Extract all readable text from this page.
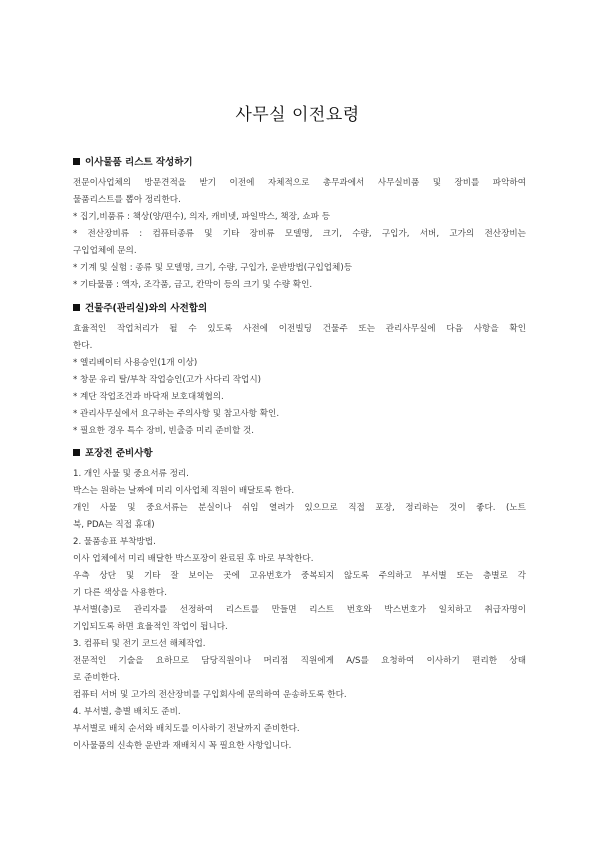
사무실 이전요령
이사물품 리스트 작성하기
전문이사업체의 방문견적을 받기 이전에 자체적으로 총무과에서 사무실비품 및 장비를 파악하여
물품리스트를 뽑아 정리한다.
* 집기,비품류 : 책상(양/편수), 의자, 캐비넷, 파일박스, 책장, 쇼파 등
* 전산장비류 : 컴퓨터종류 및 기타 장비류 모델명, 크기, 수량, 구입가, 서버, 고가의 전산장비는
구입업체에 문의.
* 기계 및 실험 : 종류 및 모델명, 크기, 수량, 구입가, 운반방법(구입업체)등
* 기타물품 : 액자, 조각품, 금고, 칸막이 등의 크기 및 수량 확인.
건물주(관리실)와의 사전합의
효율적인 작업처리가 될 수 있도록 사전에 이전빌딩 건물주 또는 관리사무실에 다음 사항을 확인
한다.
* 엘리베이터 사용승인(1개 이상)
* 창문 유리 탈/부착 작업승인(고가 사다리 작업시)
* 계단 작업조건과 바닥재 보호대책협의.
* 관리사무실에서 요구하는 주의사항 및 참고사항 확인.
* 필요한 경우 특수 장비, 빈출증 미리 준비할 것.
포장전 준비사항
1. 개인 사물 및 중요서류 정리.
박스는 원하는 날짜에 미리 이사업체 직원이 배달토록 한다.
개인 사물 및 중요서류는 분실이나 쉬임 열려가 있으므로 직접 포장, 정리하는 것이 좋다. (노트
북, PDA는 직접 휴대)
2. 물품송표 부착방법.
이사 업체에서 미리 배달한 박스포장이 완료된 후 바로 부착한다.
우측 상단 및 기타 잘 보이는 곳에 고유번호가 중복되지 않도록 주의하고 부서별 또는 층별로 각
기 다른 색상을 사용한다.
부서별(층)로 관리자를 선정하여 리스트를 만들면 리스트 번호와 박스번호가 일치하고 취급자명이
기입되도록 하면 효율적인 작업이 됩니다.
3. 컴퓨터 및 전기 코드선 해체작업.
전문적인 기술을 요하므로 담당직원이나 머리점 직원에게 A/S를 요청하여 이사하기 편리한 상태
로 준비한다.
컴퓨터 서버 및 고가의 전산장비를 구입회사에 문의하여 운송하도록 한다.
4. 부서별, 층별 배치도 준비.
부서별로 배치 순서와 배치도를 이사하기 전날까지 준비한다.
이사물품의 신속한 운반과 재배치시 꼭 필요한 사항입니다.
